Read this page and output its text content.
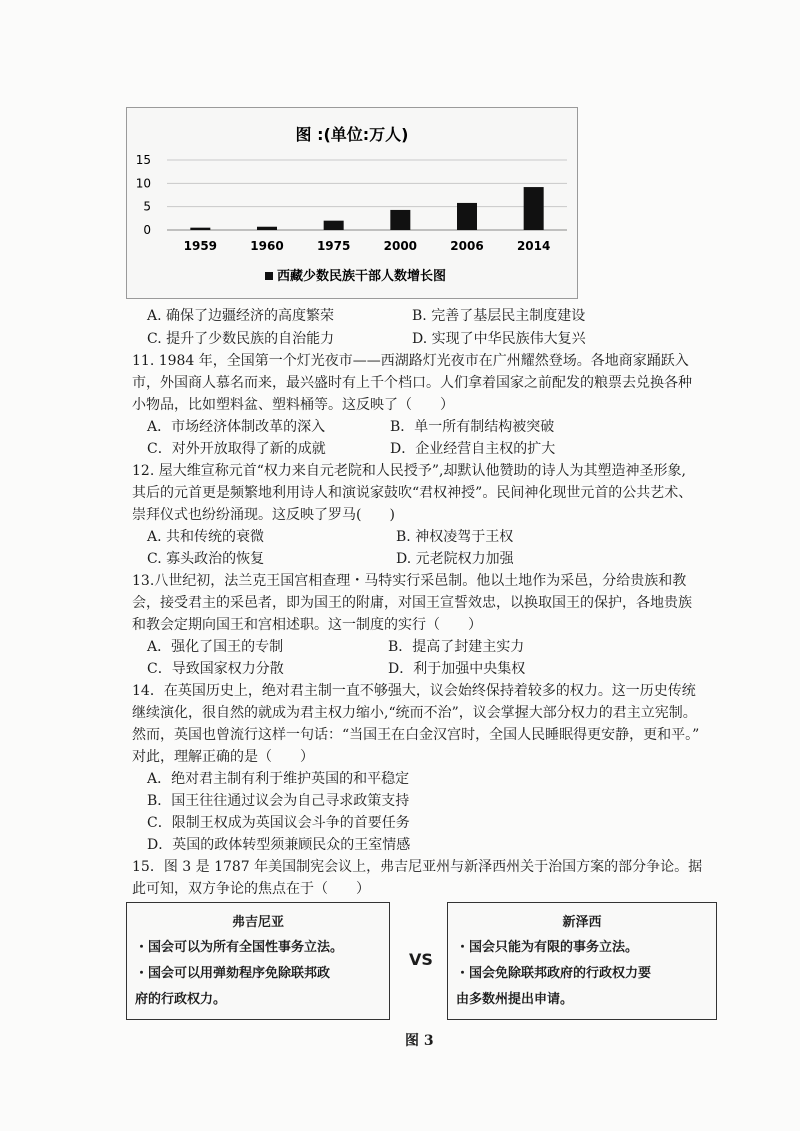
图 :(单位:万人)
15
10
5
0
1959	1960	1975	2000	2006	2014
西藏少数民族干部人数增长图
A. 确保了边疆经济的高度繁荣	B. 完善了基层民主制度建设
C. 提升了少数民族的自治能力	D. 实现了中华民族伟大复兴
11. 1984 年，全国第一个灯光夜市——西湖路灯光夜市在广州耀然登场。各地商家踊跃入
市，外国商人慕名而来，最兴盛时有上千个档口。人们拿着国家之前配发的粮票去兑换各种
小物品，比如塑料盆、塑料桶等。这反映了（　　）
A．市场经济体制改革的深入	B．单一所有制结构被突破
C．对外开放取得了新的成就	D．企业经营自主权的扩大
12. 屋大维宣称元首“权力来自元老院和人民授予”,却默认他赞助的诗人为其塑造神圣形象,
其后的元首更是频繁地利用诗人和演说家鼓吹“君权神授”。民间神化现世元首的公共艺术、
崇拜仪式也纷纷涌现。这反映了罗马(　　)
A. 共和传统的衰微	B. 神权凌驾于王权
C. 寡头政治的恢复	D. 元老院权力加强
13.八世纪初，法兰克王国宫相查理・马特实行采邑制。他以土地作为采邑，分给贵族和教
会，接受君主的采邑者，即为国王的附庸，对国王宣誓效忠，以换取国王的保护，各地贵族
和教会定期向国王和宫相述职。这一制度的实行（　　）
A．强化了国王的专制	B．提高了封建主实力
C．导致国家权力分散	D．利于加强中央集权
14．在英国历史上，绝对君主制一直不够强大，议会始终保持着较多的权力。这一历史传统
继续演化，很自然的就成为君主权力缩小,“统而不治”，议会掌握大部分权力的君主立宪制。
然而，英国也曾流行这样一句话：“当国王在白金汉宫时，全国人民睡眠得更安静，更和平。”
对此，理解正确的是（　　）
A．绝对君主制有利于维护英国的和平稳定
B．国王往往通过议会为自己寻求政策支持
C．限制王权成为英国议会斗争的首要任务
D．英国的政体转型须兼顾民众的王室情感
15．图 3 是 1787 年美国制宪会议上，弗吉尼亚州与新泽西州关于治国方案的部分争论。据
弗吉尼亚
・国会可以为所有全国性事务立法。
・国会可以用弹劾程序免除联邦政
府的行政权力。
VS
新泽西
・国会只能为有限的事务立法。
・国会免除联邦政府的行政权力要
由多数州提出申请。
图 3
此可知，双方争论的焦点在于（　　）
